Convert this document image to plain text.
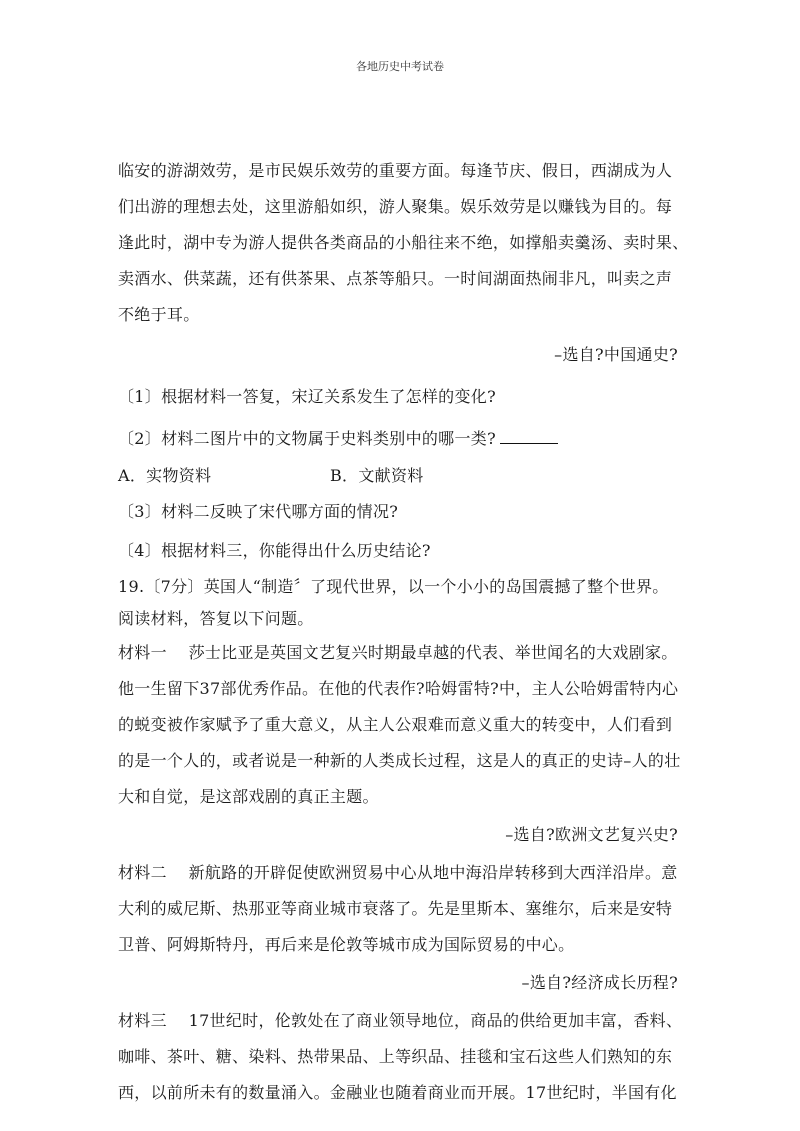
各地历史中考试卷
临安的游湖效劳，是市民娱乐效劳的重要方面。每逢节庆、假日，西湖成为人
们出游的理想去处，这里游船如织，游人聚集。娱乐效劳是以赚钱为目的。每
逢此时，湖中专为游人提供各类商品的小船往来不绝，如撑船卖羹汤、卖时果、
卖酒水、供菜蔬，还有供茶果、点茶等船只。一时间湖面热闹非凡，叫卖之声
不绝于耳。
–选自?中国通史?
〔1〕根据材料一答复，宋辽关系发生了怎样的变化?
〔2〕材料二图片中的文物属于史料类别中的哪一类?
A．实物资料	B．文献资料
〔3〕材料二反映了宋代哪方面的情况?
〔4〕根据材料三，你能得出什么历史结论?
19.〔7分〕英国人“制造〞了现代世界，以一个小小的岛国震撼了整个世界。
阅读材料，答复以下问题。
材料一　 莎士比亚是英国文艺复兴时期最卓越的代表、举世闻名的大戏剧家。
他一生留下37部优秀作品。在他的代表作?哈姆雷特?中，主人公哈姆雷特内心
的蜕变被作家赋予了重大意义，从主人公艰难而意义重大的转变中，人们看到
的是一个人的，或者说是一种新的人类成长过程，这是人的真正的史诗–人的壮
大和自觉，是这部戏剧的真正主题。
–选自?欧洲文艺复兴史?
材料二　 新航路的开辟促使欧洲贸易中心从地中海沿岸转移到大西洋沿岸。意
大利的威尼斯、热那亚等商业城市衰落了。先是里斯本、塞维尔，后来是安特
卫普、阿姆斯特丹，再后来是伦敦等城市成为国际贸易的中心。
–选自?经济成长历程?
材料三　 17世纪时，伦敦处在了商业领导地位，商品的供给更加丰富，香料、
咖啡、茶叶、糖、染料、热带果品、上等织品、挂毯和宝石这些人们熟知的东
西，以前所未有的数量涌入。金融业也随着商业而开展。17世纪时，半国有化
